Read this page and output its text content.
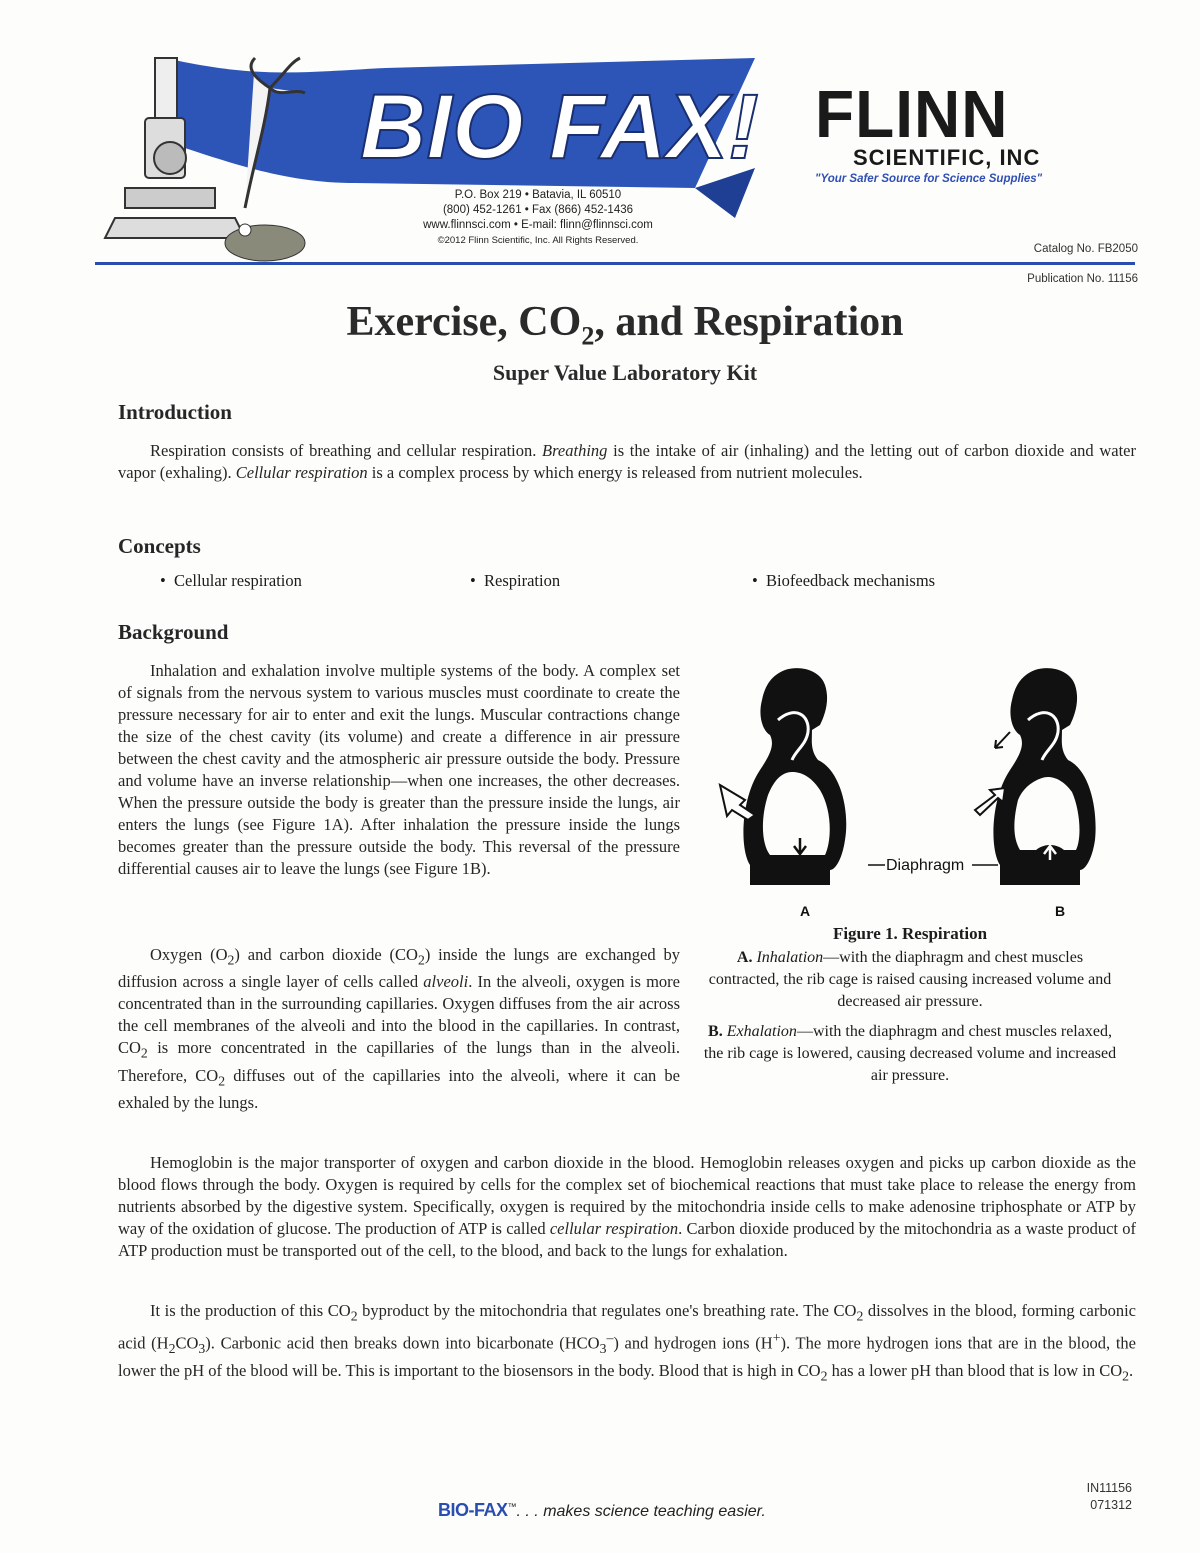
BIO FAX!
P.O. Box 219 • Batavia, IL 60510
(800) 452-1261 • Fax (866) 452-1436
www.flinnsci.com • E-mail: flinn@flinnsci.com
©2012 Flinn Scientific, Inc. All Rights Reserved.
FLINN
SCIENTIFIC, INC
"Your Safer Source for Science Supplies"
Catalog No. FB2050
Publication No. 11156
Exercise, $CO_2$, and Respiration
Super Value Laboratory Kit
Introduction

Respiration consists of breathing and cellular respiration. Breathing is the intake of air (inhaling) and the letting out of carbon dioxide and water vapor (exhaling). Cellular respiration is a complex process by which energy is released from nutrient molecules.

Concepts
•  Cellular respiration	•  Respiration	•  Biofeedback mechanisms
Background

Inhalation and exhalation involve multiple systems of the body. A complex set of signals from the nervous system to various muscles must coordinate to create the pressure necessary for air to enter and exit the lungs. Muscular contractions change the size of the chest cavity (its volume) and create a difference in air pressure between the chest cavity and the atmospheric air pressure outside the body. Pressure and volume have an inverse relationship—when one increases, the other decreases. When the pressure outside the body is greater than the pressure inside the lungs, air enters the lungs (see Figure 1A). After inhalation the pressure inside the lungs becomes greater than the pressure outside the body. This reversal of the pressure differential causes air to leave the lungs (see Figure 1B).

Oxygen $(O_2)$ and carbon dioxide $(CO_2)$ inside the lungs are exchanged by diffusion across a single layer of cells called alveoli. In the alveoli, oxygen is more concentrated than in the surrounding capillaries. Oxygen diffuses from the air across the cell membranes of the alveoli and into the blood in the capillaries. In contrast, $CO_2$ is more concentrated in the capillaries of the lungs than in the alveoli. Therefore, $CO_2$ diffuses out of the capillaries into the alveoli, where it can be exhaled by the lungs.

Diaphragm
A	B
Figure 1. Respiration
A. Inhalation—with the diaphragm and chest muscles contracted, the rib cage is raised causing increased volume and decreased air pressure.
B. Exhalation—with the diaphragm and chest muscles relaxed, the rib cage is lowered, causing decreased volume and increased air pressure.

Hemoglobin is the major transporter of oxygen and carbon dioxide in the blood. Hemoglobin releases oxygen and picks up carbon dioxide as the blood flows through the body. Oxygen is required by cells for the complex set of biochemical reactions that must take place to release the energy from nutrients absorbed by the digestive system. Specifically, oxygen is required by the mitochondria inside cells to make adenosine triphosphate or ATP by way of the oxidation of glucose. The production of ATP is called cellular respiration. Carbon dioxide produced by the mitochondria as a waste product of ATP production must be transported out of the cell, to the blood, and back to the lungs for exhalation.

It is the production of this $CO_2$ byproduct by the mitochondria that regulates one's breathing rate. The $CO_2$ dissolves in the blood, forming carbonic acid $(H_2CO_3)$. Carbonic acid then breaks down into bicarbonate $(HCO_3^-)$ and hydrogen ions (H+). The more hydrogen ions that are in the blood, the lower the pH of the blood will be. This is important to the biosensors in the body. Blood that is high in $CO_2$ has a lower pH than blood that is low in $CO_2$.

BIO-FAX™. . . makes science teaching easier.
IN11156
071312
